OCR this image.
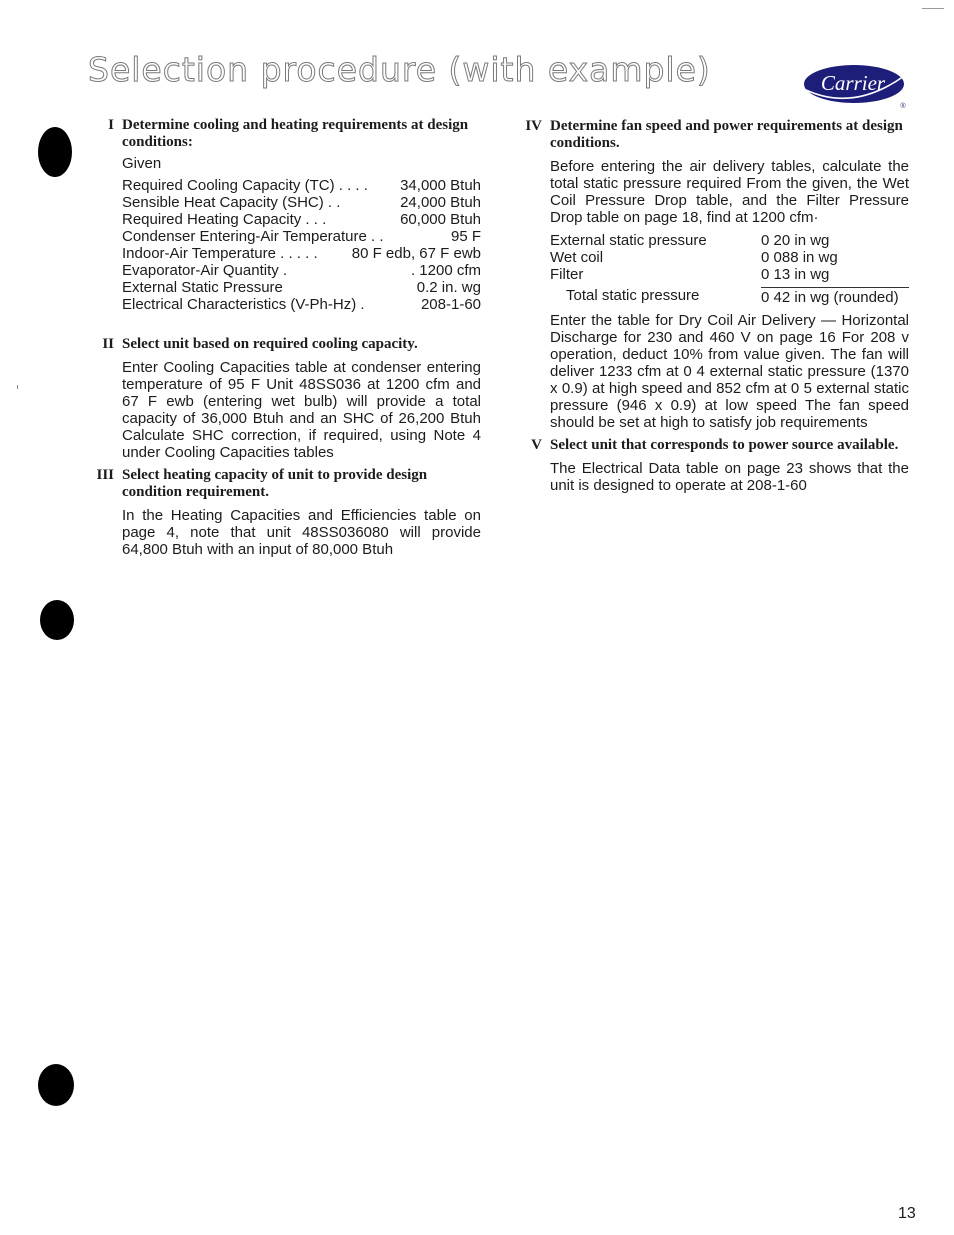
Selection procedure (with example)	Carrier
®
I Determine cooling and heating requirements at design conditions:
Given
Required Cooling Capacity (TC) . . . .	34,000 Btuh
Sensible Heat Capacity (SHC) . .	24,000 Btuh
Required Heating Capacity . . .	60,000 Btuh
Condenser Entering-Air Temperature . .	95 F
Indoor-Air Temperature . . . . .	80 F edb, 67 F ewb
Evaporator-Air Quantity .	. 1200 cfm
External Static Pressure	0.2 in. wg
Electrical Characteristics (V-Ph-Hz) .	208-1-60
II Select unit based on required cooling capacity.
Enter Cooling Capacities table at condenser entering temperature of 95 F Unit 48SS036 at 1200 cfm and 67 F ewb (entering wet bulb) will provide a total capacity of 36,000 Btuh and an SHC of 26,200 Btuh Calculate SHC correction, if required, using Note 4 under Cooling Capacities tables
III Select heating capacity of unit to provide design condition requirement.
In the Heating Capacities and Efficiencies table on page 4, note that unit 48SS036080 will provide 64,800 Btuh with an input of 80,000 Btuh
IV Determine fan speed and power requirements at design conditions.
Before entering the air delivery tables, calculate the total static pressure required From the given, the Wet Coil Pressure Drop table, and the Filter Pressure Drop table on page 18, find at 1200 cfm·
External static pressure	0 20 in wg
Wet coil	0 088 in wg
Filter	0 13 in wg
Total static pressure	0 42 in wg (rounded)
Enter the table for Dry Coil Air Delivery — Horizontal Discharge for 230 and 460 V on page 16 For 208 v operation, deduct 10% from value given. The fan will deliver 1233 cfm at 0 4 external static pressure (1370 x 0.9) at high speed and 852 cfm at 0 5 external static pressure (946 x 0.9) at low speed The fan speed should be set at high to satisfy job requirements
V Select unit that corresponds to power source available.
The Electrical Data table on page 23 shows that the unit is designed to operate at 208-1-60
13
